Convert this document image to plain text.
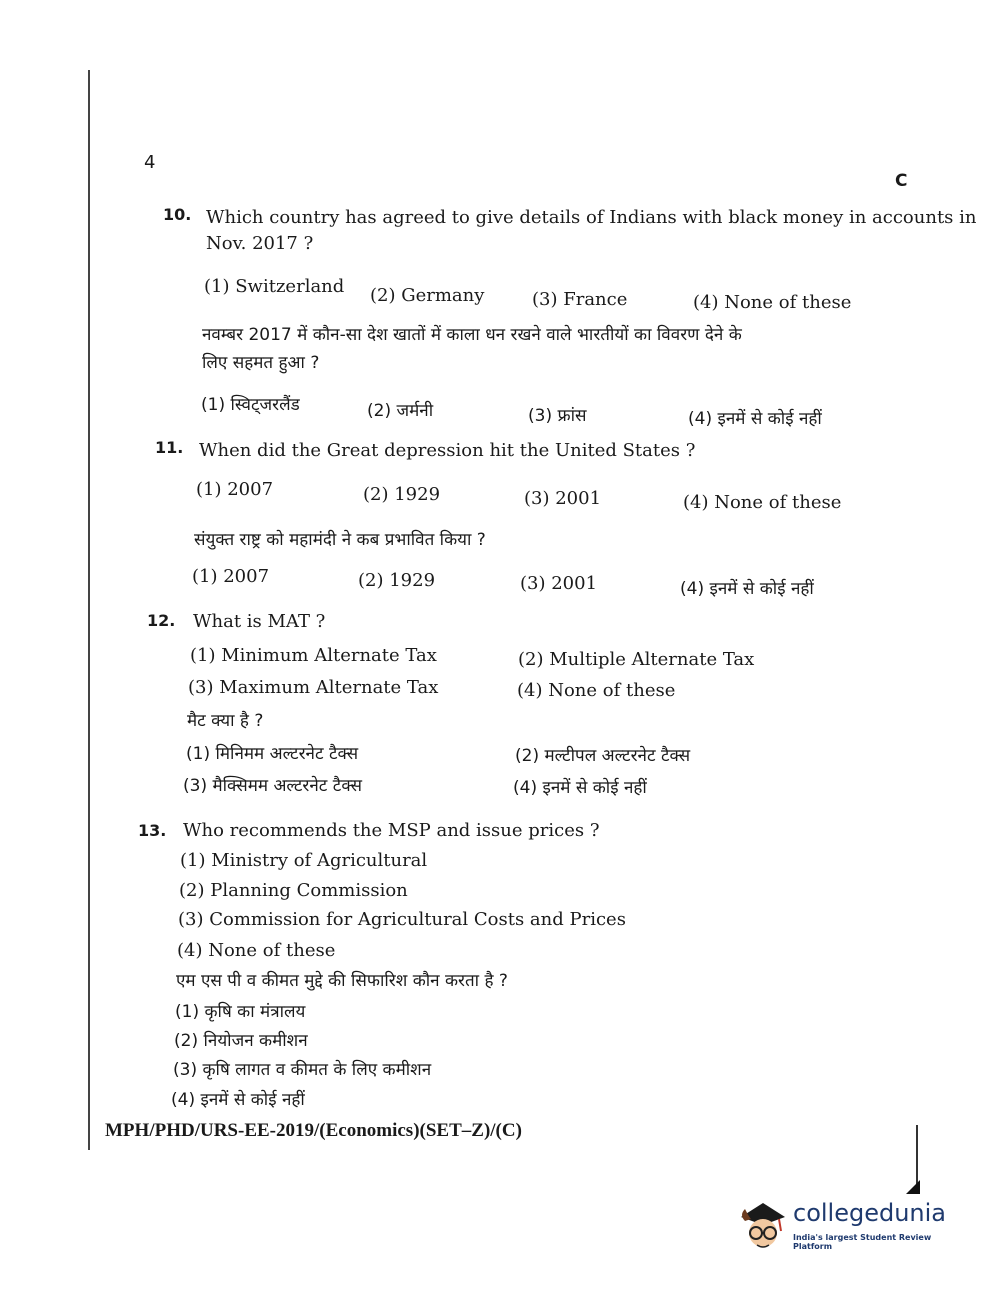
4
C
10. Which country has agreed to give details of Indians with black money in accounts in
Nov. 2017 ?
(1) Switzerland (2) Germany	(3) France	(4) None of these
नवम्बर 2017 में कौन-सा देश खातों में काला धन रखने वाले भारतीयों का विवरण देने के
लिए सहमत हुआ ?
(1) स्विट्जरलैंड	(2) जर्मनी	(3) फ्रांस	(4) इनमें से कोई नहीं
11. When did the Great depression hit the United States ?
(1) 2007	(2) 1929	(3) 2001	(4) None of these
संयुक्त राष्ट्र को महामंदी ने कब प्रभावित किया ?
(1) 2007	(2) 1929	(3) 2001	(4) इनमें से कोई नहीं
12. What is MAT ?
(1) Minimum Alternate Tax	(2) Multiple Alternate Tax
(3) Maximum Alternate Tax	(4) None of these
मैट क्या है ?
(1) मिनिमम अल्टरनेट टैक्स	(2) मल्टीपल अल्टरनेट टैक्स
(3) मैक्सिमम अल्टरनेट टैक्स	(4) इनमें से कोई नहीं
13. Who recommends the MSP and issue prices ?
(1) Ministry of Agricultural
(2) Planning Commission
(3) Commission for Agricultural Costs and Prices
(4) None of these
एम एस पी व कीमत मुद्दे की सिफारिश कौन करता है ?
(1) कृषि का मंत्रालय
(2) नियोजन कमीशन
(3) कृषि लागत व कीमत के लिए कमीशन
(4) इनमें से कोई नहीं
MPH/PHD/URS-EE-2019/(Economics)(SET–Z)/(C)
collegedunia
India's largest Student Review Platform
